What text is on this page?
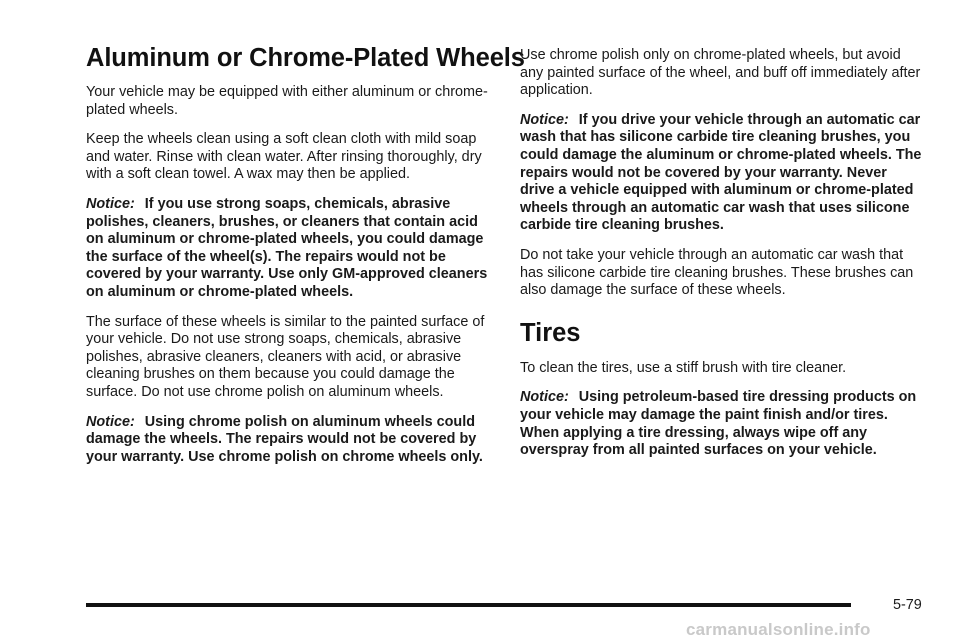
Aluminum or Chrome-Plated Wheels

Your vehicle may be equipped with either aluminum or chrome-plated wheels.

Keep the wheels clean using a soft clean cloth with mild soap and water. Rinse with clean water. After rinsing thoroughly, dry with a soft clean towel. A wax may then be applied.

Notice: If you use strong soaps, chemicals, abrasive polishes, cleaners, brushes, or cleaners that contain acid on aluminum or chrome-plated wheels, you could damage the surface of the wheel(s). The repairs would not be covered by your warranty. Use only GM-approved cleaners on aluminum or chrome-plated wheels.

The surface of these wheels is similar to the painted surface of your vehicle. Do not use strong soaps, chemicals, abrasive polishes, abrasive cleaners, cleaners with acid, or abrasive cleaning brushes on them because you could damage the surface. Do not use chrome polish on aluminum wheels.

Notice: Using chrome polish on aluminum wheels could damage the wheels. The repairs would not be covered by your warranty. Use chrome polish on chrome wheels only.

Use chrome polish only on chrome-plated wheels, but avoid any painted surface of the wheel, and buff off immediately after application.

Notice: If you drive your vehicle through an automatic car wash that has silicone carbide tire cleaning brushes, you could damage the aluminum or chrome-plated wheels. The repairs would not be covered by your warranty. Never drive a vehicle equipped with aluminum or chrome-plated wheels through an automatic car wash that uses silicone carbide tire cleaning brushes.

Do not take your vehicle through an automatic car wash that has silicone carbide tire cleaning brushes. These brushes can also damage the surface of these wheels.

Tires

To clean the tires, use a stiff brush with tire cleaner.

Notice: Using petroleum-based tire dressing products on your vehicle may damage the paint finish and/or tires. When applying a tire dressing, always wipe off any overspray from all painted surfaces on your vehicle.

5-79
carmanualsonline.info
